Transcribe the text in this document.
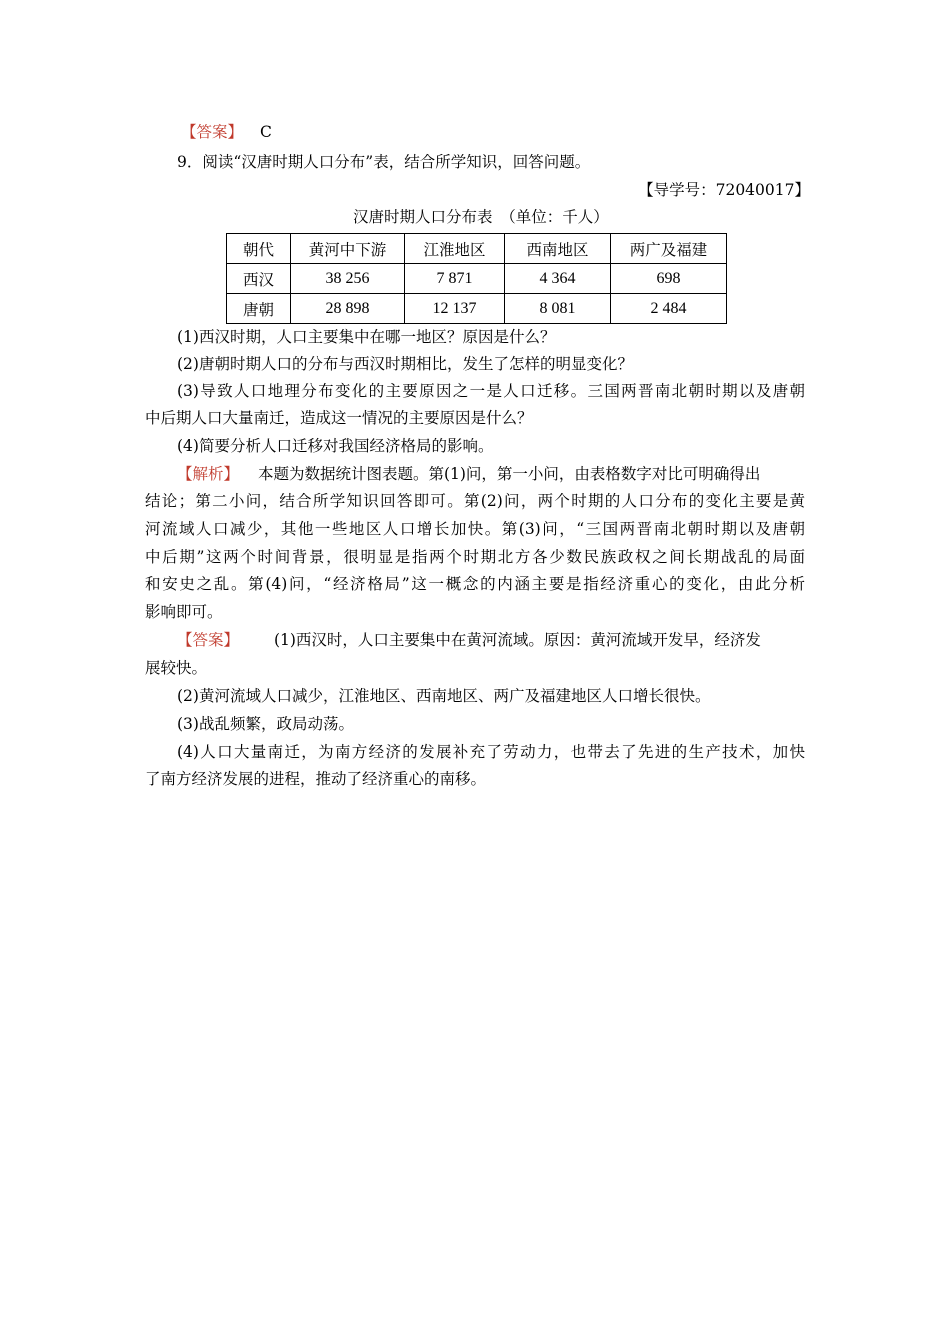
【答案】 C
9．阅读“汉唐时期人口分布”表，结合所学知识，回答问题。
【导学号：72040017】
汉唐时期人口分布表　（单位：千人）
朝代	黄河中下游	江淮地区	西南地区	两广及福建
西汉	38 256	7 871	4 364	698
唐朝	28 898	12 137	8 081	2 484
(1)西汉时期，人口主要集中在哪一地区？原因是什么？
(2)唐朝时期人口的分布与西汉时期相比，发生了怎样的明显变化？
(3)导致人口地理分布变化的主要原因之一是人口迁移。三国两晋南北朝时期以及唐朝
中后期人口大量南迁，造成这一情况的主要原因是什么？
(4)简要分析人口迁移对我国经济格局的影响。
【解析】 本题为数据统计图表题。第(1)问，第一小问，由表格数字对比可明确得出
结论；第二小问，结合所学知识回答即可。第(2)问，两个时期的人口分布的变化主要是黄
河流域人口减少，其他一些地区人口增长加快。第(3)问，“三国两晋南北朝时期以及唐朝
中后期”这两个时间背景，很明显是指两个时期北方各少数民族政权之间长期战乱的局面
和安史之乱。第(4)问，“经济格局”这一概念的内涵主要是指经济重心的变化，由此分析
影响即可。
【答案】 (1)西汉时，人口主要集中在黄河流域。原因：黄河流域开发早，经济发
展较快。
(2)黄河流域人口减少，江淮地区、西南地区、两广及福建地区人口增长很快。
(3)战乱频繁，政局动荡。
(4)人口大量南迁，为南方经济的发展补充了劳动力，也带去了先进的生产技术，加快
了南方经济发展的进程，推动了经济重心的南移。
